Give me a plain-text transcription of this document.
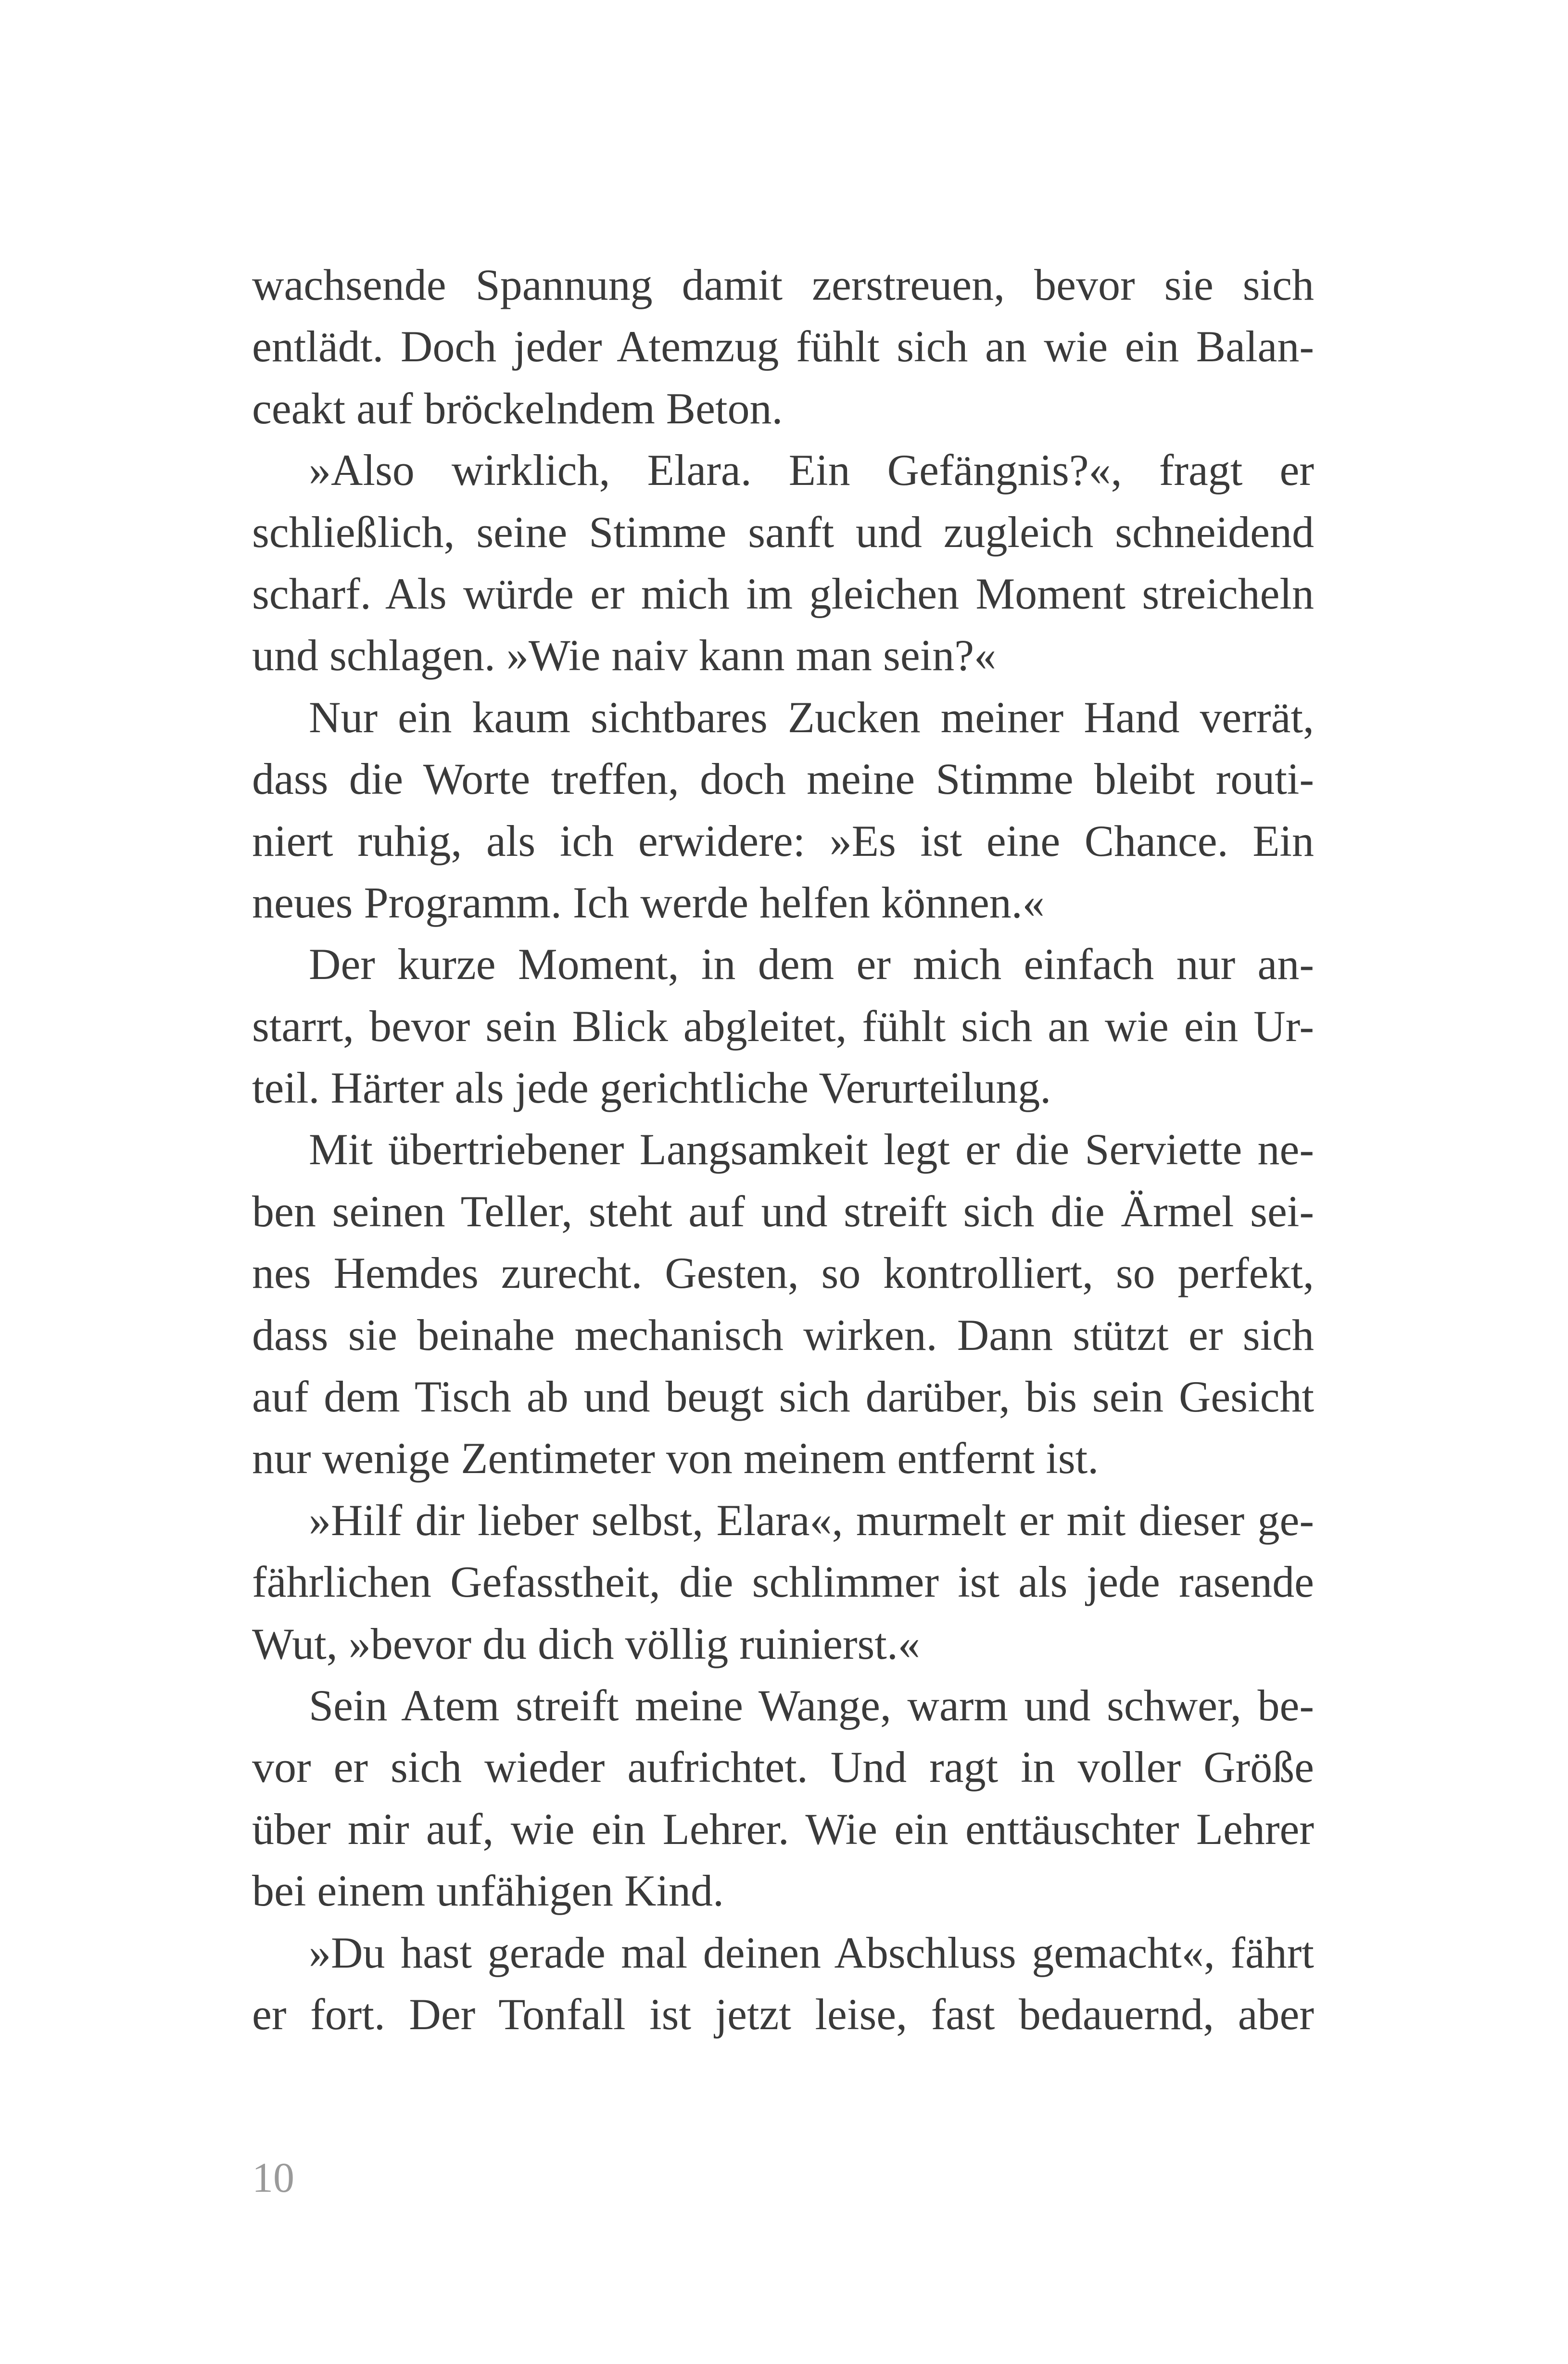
wachsende Spannung damit zerstreuen, bevor sie sich
entlädt. Doch jeder Atemzug fühlt sich an wie ein Balan-
ceakt auf bröckelndem Beton.
»Also wirklich, Elara. Ein Gefängnis?«, fragt er
schließlich, seine Stimme sanft und zugleich schneidend
scharf. Als würde er mich im gleichen Moment streicheln
und schlagen. »Wie naiv kann man sein?«
Nur ein kaum sichtbares Zucken meiner Hand verrät,
dass die Worte treffen, doch meine Stimme bleibt routi-
niert ruhig, als ich erwidere: »Es ist eine Chance. Ein
neues Programm. Ich werde helfen können.«
Der kurze Moment, in dem er mich einfach nur an-
starrt, bevor sein Blick abgleitet, fühlt sich an wie ein Ur-
teil. Härter als jede gerichtliche Verurteilung.
Mit übertriebener Langsamkeit legt er die Serviette ne-
ben seinen Teller, steht auf und streift sich die Ärmel sei-
nes Hemdes zurecht. Gesten, so kontrolliert, so perfekt,
dass sie beinahe mechanisch wirken. Dann stützt er sich
auf dem Tisch ab und beugt sich darüber, bis sein Gesicht
nur wenige Zentimeter von meinem entfernt ist.
»Hilf dir lieber selbst, Elara«, murmelt er mit dieser ge-
fährlichen Gefasstheit, die schlimmer ist als jede rasende
Wut, »bevor du dich völlig ruinierst.«
Sein Atem streift meine Wange, warm und schwer, be-
vor er sich wieder aufrichtet. Und ragt in voller Größe
über mir auf, wie ein Lehrer. Wie ein enttäuschter Lehrer
bei einem unfähigen Kind.
»Du hast gerade mal deinen Abschluss gemacht«, fährt
er fort. Der Tonfall ist jetzt leise, fast bedauernd, aber
10
